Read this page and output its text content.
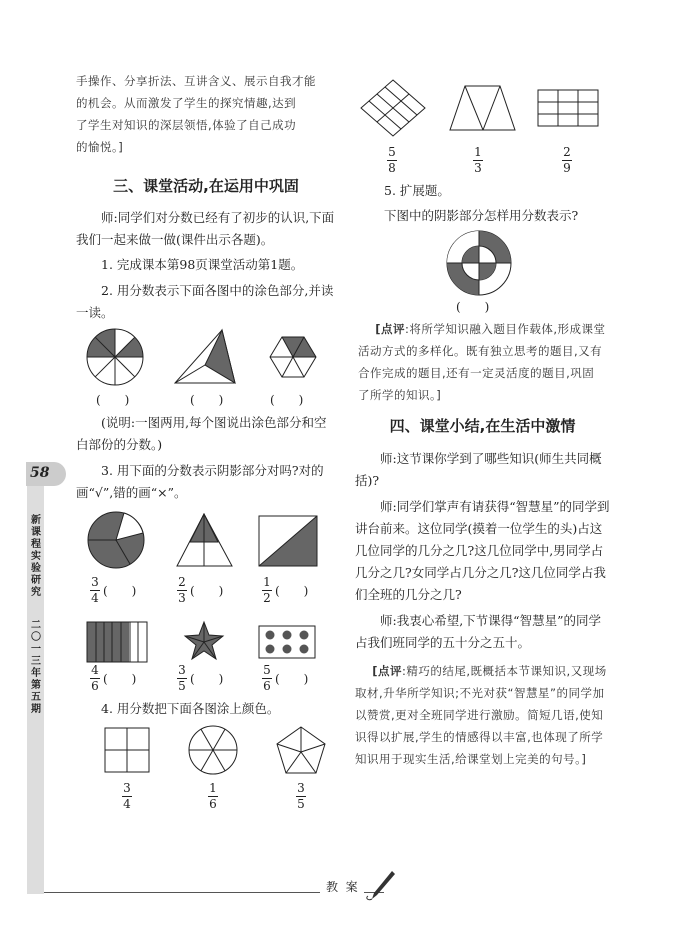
手操作、分享折法、互讲含义、展示自我才能
的机会。从而激发了学生的探究情趣,达到
了学生对知识的深层领悟,体验了自己成功
的愉悦。]
三、课堂活动,在运用中巩固

师:同学们对分数已经有了初步的认识,下面我们一起来做一做(课件出示各题)。

1. 完成课本第98页课堂活动第1题。

2. 用分数表示下面各图中的涂色部分,并读一读。

(　　)	(　　)	(　　)

(说明:一图两用,每个图说出涂色部分和空白部份的分数。)

3. 用下面的分数表示阴影部分对吗?对的画“√”,错的画“×”。

3
4 (　　)
2
3 (　　)
1
2 (　　)
4
6 (　　)
3
5 (　　)
5
6 (　　)

4. 用分数把下面各图涂上颜色。

3
4
1
6
3
5
58
新课程实验研究
二〇一三年第五期
5
8
1
3
2
9

5. 扩展题。

下图中的阴影部分怎样用分数表示?

(　　)
[点评:将所学知识融入题目作载体,形成课堂活动方式的多样化。既有独立思考的题目,又有合作完成的题目,还有一定灵活度的题目,巩固了所学的知识。]
四、课堂小结,在生活中激情

师:这节课你学到了哪些知识(师生共同概括)?

师:同学们掌声有请获得“智慧星”的同学到讲台前来。这位同学(摸着一位学生的头)占这几位同学的几分之几?这几位同学中,男同学占几分之几?女同学占几分之几?这几位同学占我们全班的几分之几?

师:我衷心希望,下节课得“智慧星”的同学占我们班同学的五十分之五十。

[点评:精巧的结尾,既概括本节课知识,又现场取材,升华所学知识;不光对获“智慧星”的同学加以赞赏,更对全班同学进行激励。简短几语,使知识得以扩展,学生的情感得以丰富,也体现了所学知识用于现实生活,给课堂划上完美的句号。]
教  案
